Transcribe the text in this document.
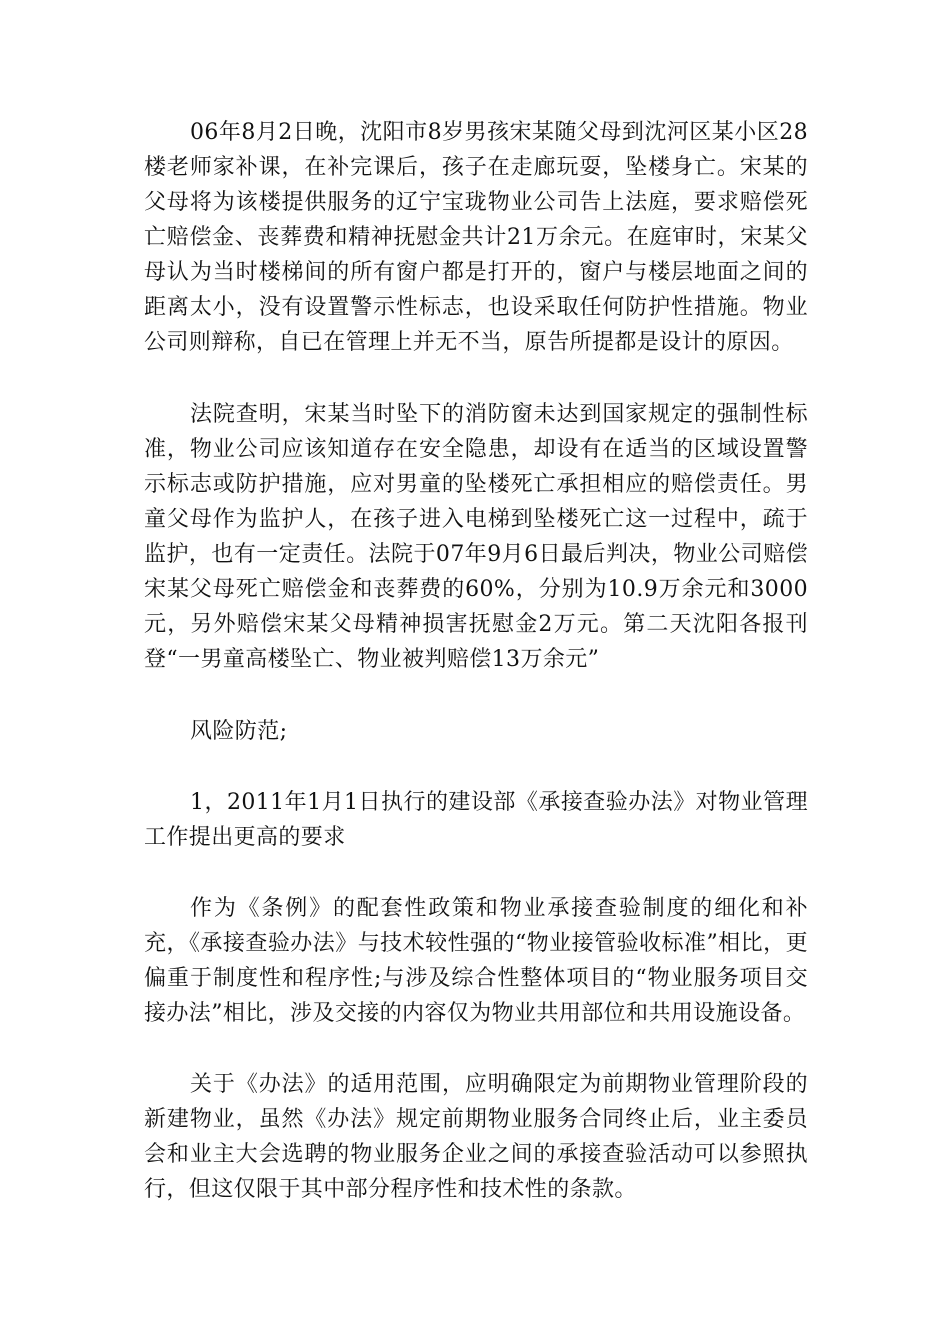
06年8月2日晚，沈阳市8岁男孩宋某随父母到沈河区某小区28楼老师家补课，在补完课后，孩子在走廊玩耍，坠楼身亡。宋某的父母将为该楼提供服务的辽宁宝珑物业公司告上法庭，要求赔偿死亡赔偿金、丧葬费和精神抚慰金共计21万余元。在庭审时，宋某父母认为当时楼梯间的所有窗户都是打开的，窗户与楼层地面之间的距离太小，没有设置警示性标志，也设采取任何防护性措施。物业公司则辩称，自已在管理上并无不当，原告所提都是设计的原因。

法院查明，宋某当时坠下的消防窗未达到国家规定的强制性标准，物业公司应该知道存在安全隐患，却设有在适当的区域设置警示标志或防护措施，应对男童的坠楼死亡承担相应的赔偿责任。男童父母作为监护人，在孩子进入电梯到坠楼死亡这一过程中，疏于监护，也有一定责任。法院于07年9月6日最后判决，物业公司赔偿宋某父母死亡赔偿金和丧葬费的60%，分别为10.9万余元和3000元，另外赔偿宋某父母精神损害抚慰金2万元。第二天沈阳各报刊登“一男童高楼坠亡、物业被判赔偿13万余元”

风险防范;

1，2011年1月1日执行的建设部《承接查验办法》对物业管理工作提出更高的要求

作为《条例》的配套性政策和物业承接查验制度的细化和补充，《承接查验办法》与技术较性强的“物业接管验收标准”相比，更偏重于制度性和程序性;与涉及综合性整体项目的“物业服务项目交接办法”相比，涉及交接的内容仅为物业共用部位和共用设施设备。

关于《办法》的适用范围，应明确限定为前期物业管理阶段的新建物业，虽然《办法》规定前期物业服务合同终止后，业主委员会和业主大会选聘的物业服务企业之间的承接查验活动可以参照执行，但这仅限于其中部分程序性和技术性的条款。
